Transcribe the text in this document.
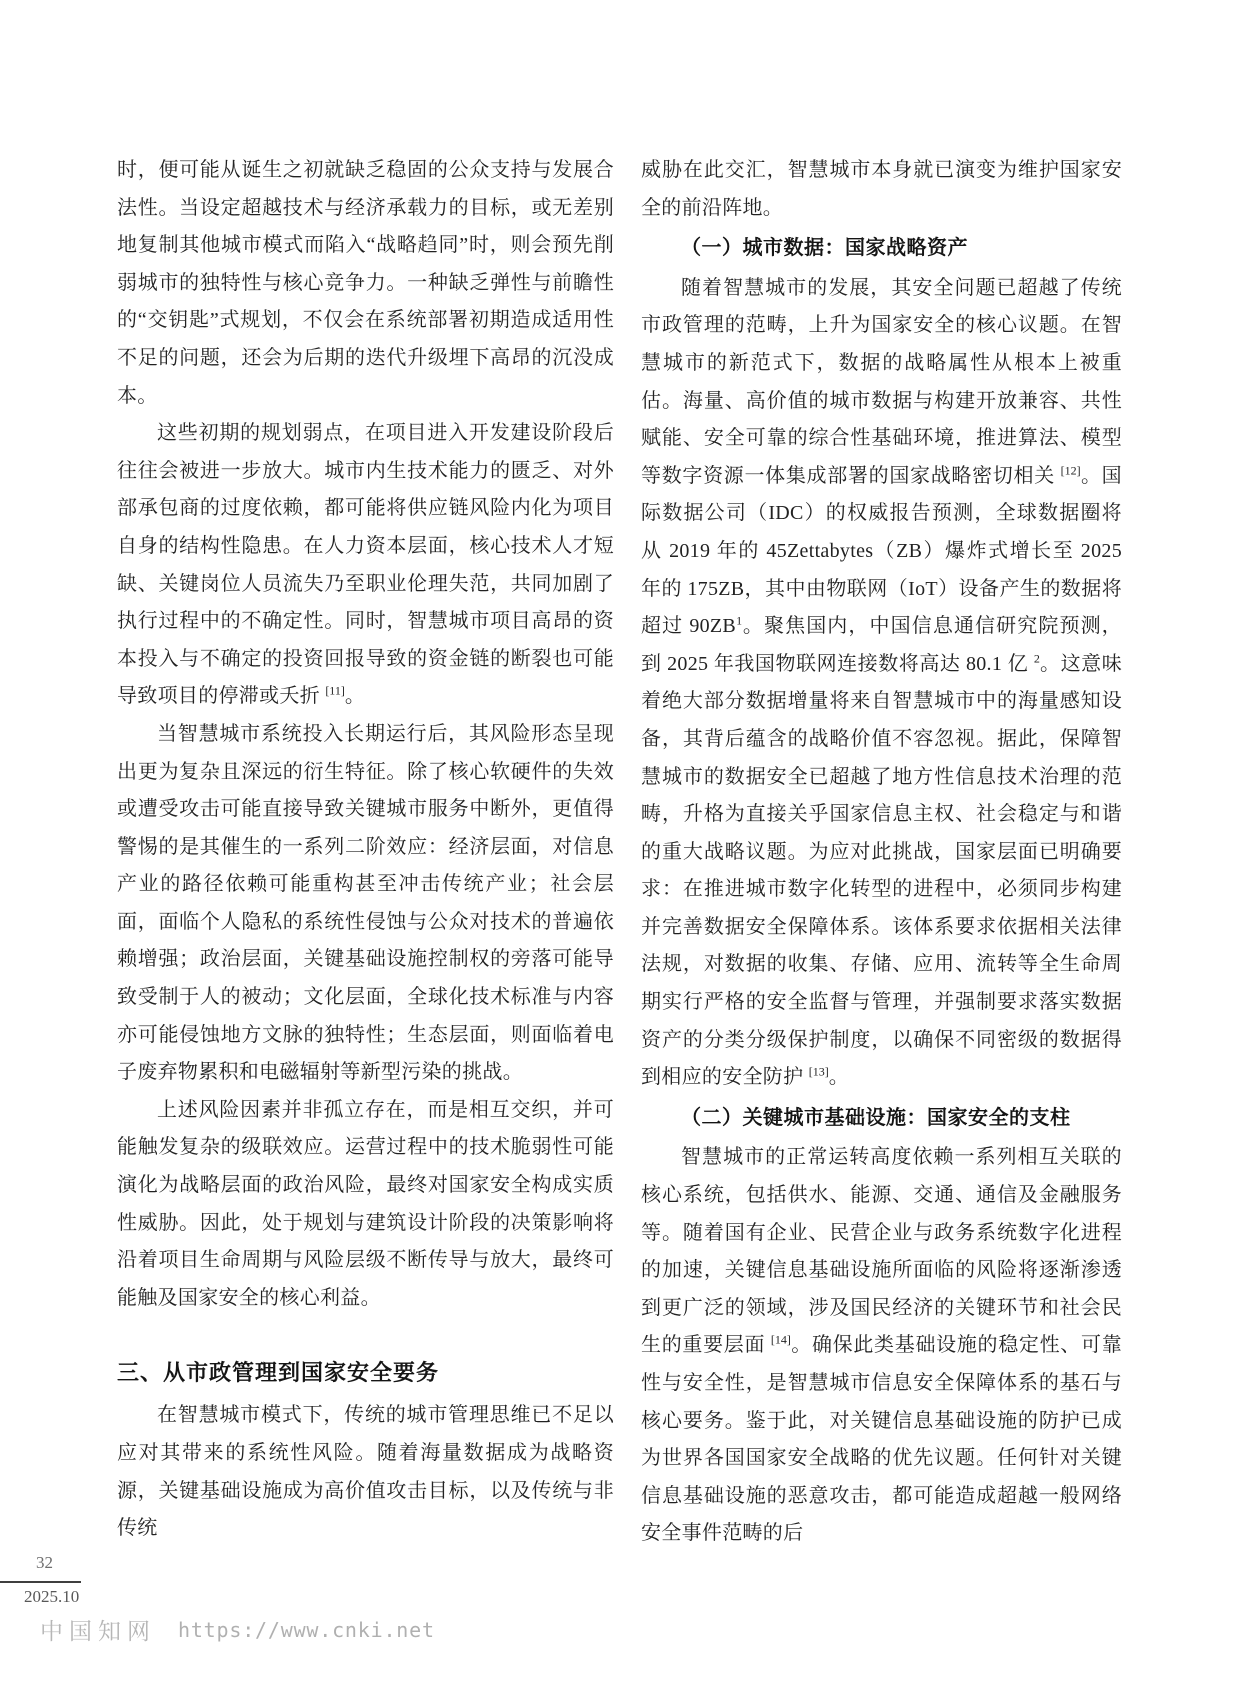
时，便可能从诞生之初就缺乏稳固的公众支持与发展合法性。当设定超越技术与经济承载力的目标，或无差别地复制其他城市模式而陷入“战略趋同”时，则会预先削弱城市的独特性与核心竞争力。一种缺乏弹性与前瞻性的“交钥匙”式规划，不仅会在系统部署初期造成适用性不足的问题，还会为后期的迭代升级埋下高昂的沉没成本。

这些初期的规划弱点，在项目进入开发建设阶段后往往会被进一步放大。城市内生技术能力的匮乏、对外部承包商的过度依赖，都可能将供应链风险内化为项目自身的结构性隐患。在人力资本层面，核心技术人才短缺、关键岗位人员流失乃至职业伦理失范，共同加剧了执行过程中的不确定性。同时，智慧城市项目高昂的资本投入与不确定的投资回报导致的资金链的断裂也可能导致项目的停滞或夭折 [11]。

当智慧城市系统投入长期运行后，其风险形态呈现出更为复杂且深远的衍生特征。除了核心软硬件的失效或遭受攻击可能直接导致关键城市服务中断外，更值得警惕的是其催生的一系列二阶效应：经济层面，对信息产业的路径依赖可能重构甚至冲击传统产业；社会层面，面临个人隐私的系统性侵蚀与公众对技术的普遍依赖增强；政治层面，关键基础设施控制权的旁落可能导致受制于人的被动；文化层面，全球化技术标准与内容亦可能侵蚀地方文脉的独特性；生态层面，则面临着电子废弃物累积和电磁辐射等新型污染的挑战。

上述风险因素并非孤立存在，而是相互交织，并可能触发复杂的级联效应。运营过程中的技术脆弱性可能演化为战略层面的政治风险，最终对国家安全构成实质性威胁。因此，处于规划与建筑设计阶段的决策影响将沿着项目生命周期与风险层级不断传导与放大，最终可能触及国家安全的核心利益。

三、从市政管理到国家安全要务

在智慧城市模式下，传统的城市管理思维已不足以应对其带来的系统性风险。随着海量数据成为战略资源，关键基础设施成为高价值攻击目标，以及传统与非传统

威胁在此交汇，智慧城市本身就已演变为维护国家安全的前沿阵地。

（一）城市数据：国家战略资产

随着智慧城市的发展，其安全问题已超越了传统市政管理的范畴，上升为国家安全的核心议题。在智慧城市的新范式下，数据的战略属性从根本上被重估。海量、高价值的城市数据与构建开放兼容、共性赋能、安全可靠的综合性基础环境，推进算法、模型等数字资源一体集成部署的国家战略密切相关 [12]。国际数据公司（IDC）的权威报告预测，全球数据圈将从 2019 年的 45Zettabytes（ZB）爆炸式增长至 2025 年的 175ZB，其中由物联网（IoT）设备产生的数据将超过 $90ZB^1$。聚焦国内，中国信息通信研究院预测，到 2025 年我国物联网连接数将高达 80.1 亿 $^2$。这意味着绝大部分数据增量将来自智慧城市中的海量感知设备，其背后蕴含的战略价值不容忽视。据此，保障智慧城市的数据安全已超越了地方性信息技术治理的范畴，升格为直接关乎国家信息主权、社会稳定与和谐的重大战略议题。为应对此挑战，国家层面已明确要求：在推进城市数字化转型的进程中，必须同步构建并完善数据安全保障体系。该体系要求依据相关法律法规，对数据的收集、存储、应用、流转等全生命周期实行严格的安全监督与管理，并强制要求落实数据资产的分类分级保护制度，以确保不同密级的数据得到相应的安全防护 [13]。

（二）关键城市基础设施：国家安全的支柱

智慧城市的正常运转高度依赖一系列相互关联的核心系统，包括供水、能源、交通、通信及金融服务等。随着国有企业、民营企业与政务系统数字化进程的加速，关键信息基础设施所面临的风险将逐渐渗透到更广泛的领域，涉及国民经济的关键环节和社会民生的重要层面 [14]。确保此类基础设施的稳定性、可靠性与安全性，是智慧城市信息安全保障体系的基石与核心要务。鉴于此，对关键信息基础设施的防护已成为世界各国国家安全战略的优先议题。任何针对关键信息基础设施的恶意攻击，都可能造成超越一般网络安全事件范畴的后

32
2025.10
中国知网 https://www.cnki.net
